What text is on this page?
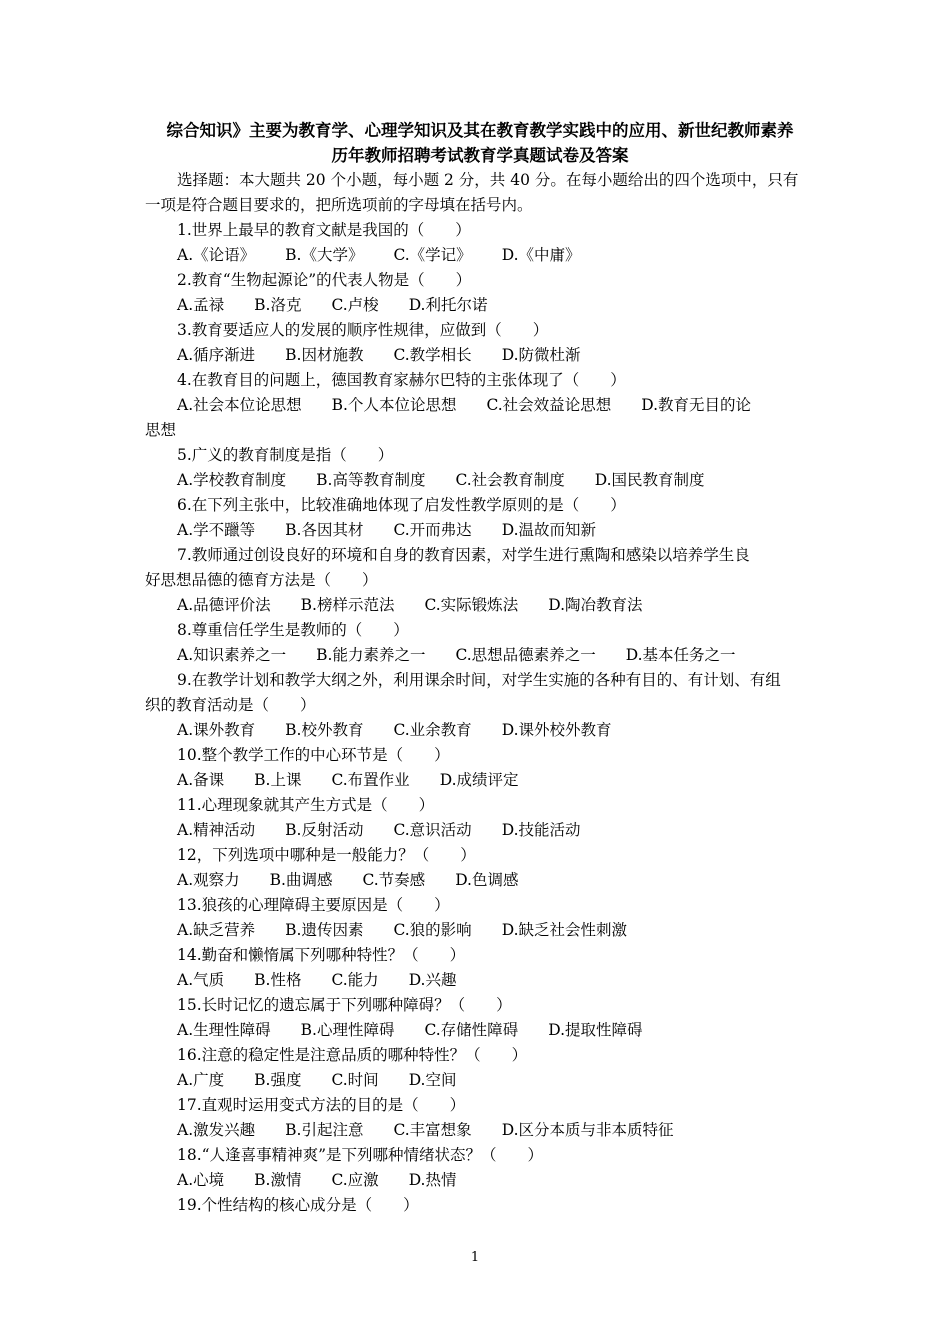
综合知识》主要为教育学、心理学知识及其在教育教学实践中的应用、新世纪教师素养
历年教师招聘考试教育学真题试卷及答案
选择题：本大题共 20 个小题，每小题 2 分，共 40 分。在每小题给出的四个选项中，只有
一项是符合题目要求的，把所选项前的字母填在括号内。
1.世界上最早的教育文献是我国的（　　）
A.《论语》 B.《大学》 C.《学记》 D.《中庸》
2.教育“生物起源论”的代表人物是（　　）
A.孟禄 B.洛克 C.卢梭 D.利托尔诺
3.教育要适应人的发展的顺序性规律，应做到（　　）
A.循序渐进 B.因材施教 C.教学相长 D.防微杜渐
4.在教育目的问题上，德国教育家赫尔巴特的主张体现了（　　）
A.社会本位论思想 B.个人本位论思想 C.社会效益论思想 D.教育无目的论
思想
5.广义的教育制度是指（　　）
A.学校教育制度 B.高等教育制度 C.社会教育制度 D.国民教育制度
6.在下列主张中，比较准确地体现了启发性教学原则的是（　　）
A.学不躐等 B.各因其材 C.开而弗达 D.温故而知新
7.教师通过创设良好的环境和自身的教育因素，对学生进行熏陶和感染以培养学生良
好思想品德的德育方法是（　　）
A.品德评价法 B.榜样示范法 C.实际锻炼法 D.陶冶教育法
8.尊重信任学生是教师的（　　）
A.知识素养之一 B.能力素养之一 C.思想品德素养之一 D.基本任务之一
9.在教学计划和教学大纲之外，利用课余时间，对学生实施的各种有目的、有计划、有组
织的教育活动是（　　）
A.课外教育 B.校外教育 C.业余教育 D.课外校外教育
10.整个教学工作的中心环节是（　　）
A.备课 B.上课 C.布置作业 D.成绩评定
11.心理现象就其产生方式是（　　）
A.精神活动 B.反射活动 C.意识活动 D.技能活动
12，下列选项中哪种是一般能力？（　　）
A.观察力 B.曲调感 C.节奏感 D.色调感
13.狼孩的心理障碍主要原因是（　　）
A.缺乏营养 B.遗传因素 C.狼的影响 D.缺乏社会性刺激
14.勤奋和懒惰属下列哪种特性？（　　）
A.气质 B.性格 C.能力 D.兴趣
15.长时记忆的遗忘属于下列哪种障碍？（　　）
A.生理性障碍 B.心理性障碍 C.存储性障碍 D.提取性障碍
16.注意的稳定性是注意品质的哪种特性？（　　）
A.广度 B.强度 C.时间 D.空间
17.直观时运用变式方法的目的是（　　）
A.激发兴趣 B.引起注意 C.丰富想象 D.区分本质与非本质特征
18.“人逢喜事精神爽”是下列哪种情绪状态？（　　）
A.心境 B.激情 C.应激 D.热情
19.个性结构的核心成分是（　　）
1
